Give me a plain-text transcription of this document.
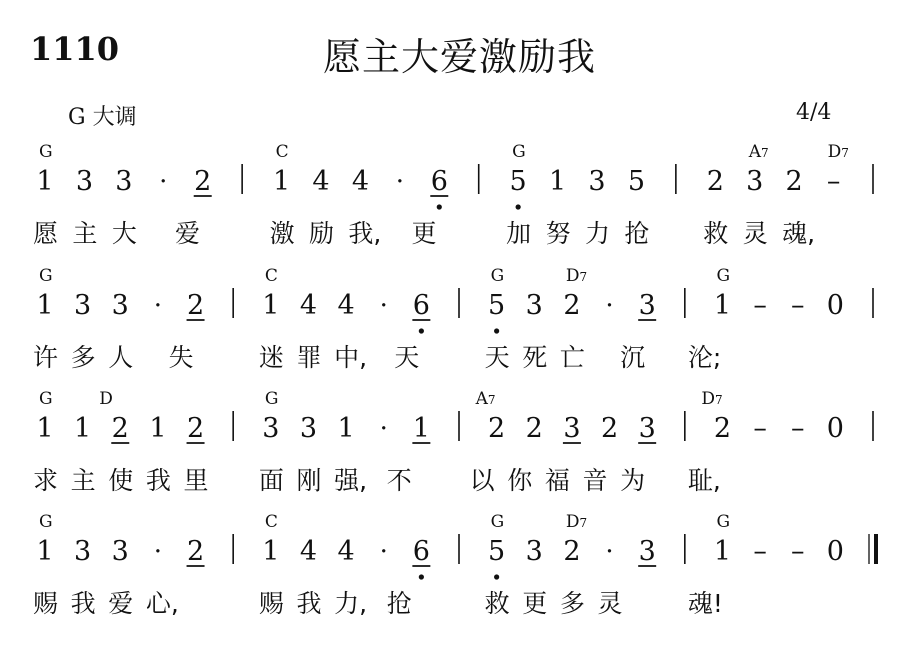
1110	愿主大爱激励我
G 大调	4/4
G	C	G	A7	D7
1 3 3 · 2 1 4 4 · 6 5 1 3 5 2 3 2 –
愿 主 大 爱	激 励 我, 更	加 努 力 抢 救 灵 魂,
G	C	G	D7	G
1 3 3 · 2 1 4 4 · 6 5 3 2 · 3 1 – – 0
许 多 人 失	迷 罪 中, 天	天 死 亡 沉 沦;
G	D	G	A7	D7
1 1 2 1 2 3 3 1 · 1 2 2 3 2 3 2 – – 0
求 主 使 我 里 面 刚 强, 不 以 你 福 音 为 耻,
G	C	G	D7	G
1 3 3 · 2 1 4 4 · 6 5 3 2 · 3 1 – – 0
赐 我 爱 心,	赐 我 力, 抢	救 更 多 灵	魂!
